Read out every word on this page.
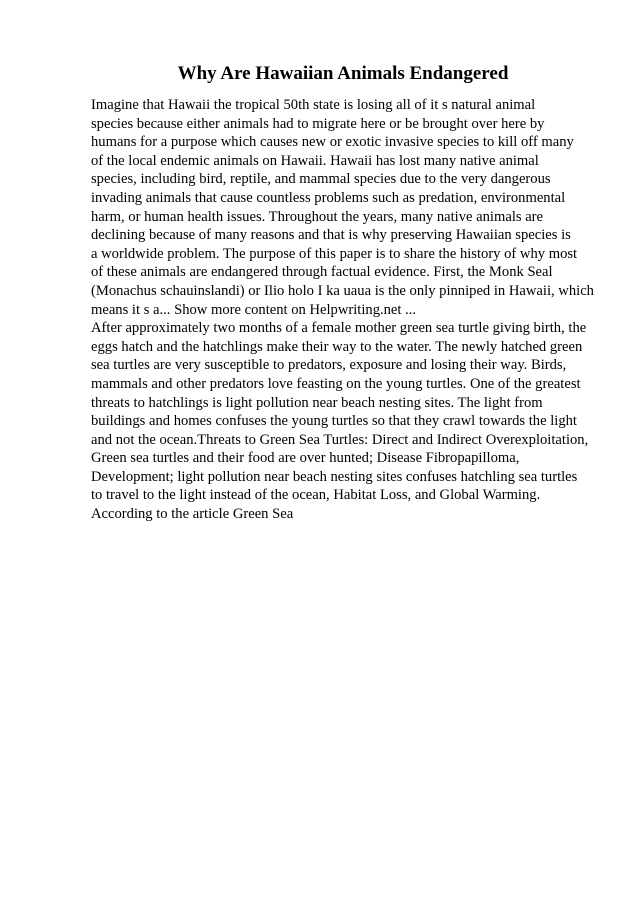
Why Are Hawaiian Animals Endangered
Imagine that Hawaii the tropical 50th state is losing all of it s natural animal
species because either animals had to migrate here or be brought over here by
humans for a purpose which causes new or exotic invasive species to kill off many
of the local endemic animals on Hawaii. Hawaii has lost many native animal
species, including bird, reptile, and mammal species due to the very dangerous
invading animals that cause countless problems such as predation, environmental
harm, or human health issues. Throughout the years, many native animals are
declining because of many reasons and that is why preserving Hawaiian species is
a worldwide problem. The purpose of this paper is to share the history of why most
of these animals are endangered through factual evidence. First, the Monk Seal
(Monachus schauinslandi) or Ilio holo I ka uaua is the only pinniped in Hawaii, which
means it s a... Show more content on Helpwriting.net ...
After approximately two months of a female mother green sea turtle giving birth, the
eggs hatch and the hatchlings make their way to the water. The newly hatched green
sea turtles are very susceptible to predators, exposure and losing their way. Birds,
mammals and other predators love feasting on the young turtles. One of the greatest
threats to hatchlings is light pollution near beach nesting sites. The light from
buildings and homes confuses the young turtles so that they crawl towards the light
and not the ocean.Threats to Green Sea Turtles: Direct and Indirect Overexploitation,
Green sea turtles and their food are over hunted; Disease Fibropapilloma,
Development; light pollution near beach nesting sites confuses hatchling sea turtles
to travel to the light instead of the ocean, Habitat Loss, and Global Warming.
According to the article Green Sea
